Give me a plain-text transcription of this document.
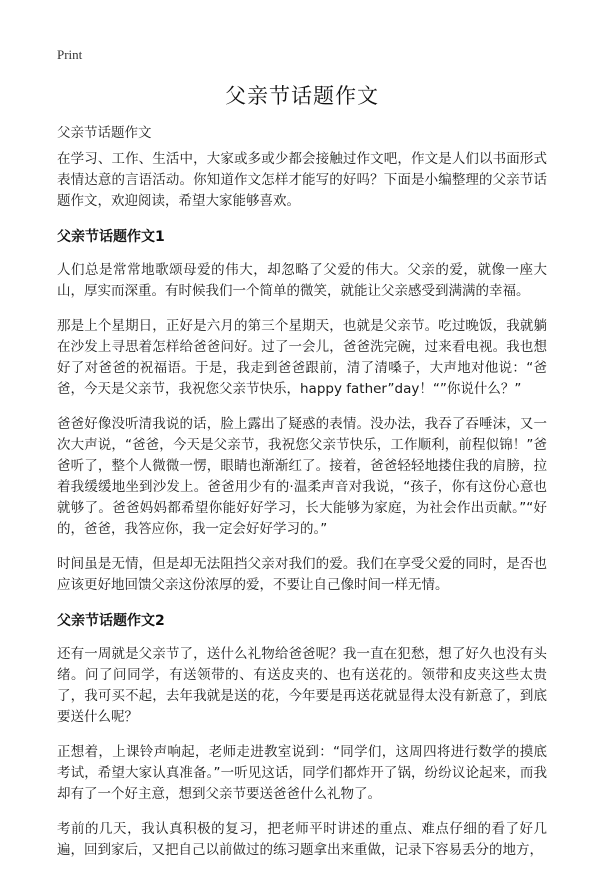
Print
父亲节话题作文
父亲节话题作文

在学习、工作、生活中，大家或多或少都会接触过作文吧，作文是人们以书面形式表情达意的言语活动。你知道作文怎样才能写的好吗？下面是小编整理的父亲节话题作文，欢迎阅读，希望大家能够喜欢。

父亲节话题作文1

人们总是常常地歌颂母爱的伟大，却忽略了父爱的伟大。父亲的爱，就像一座大山，厚实而深重。有时候我们一个简单的微笑，就能让父亲感受到满满的幸福。

那是上个星期日，正好是六月的第三个星期天，也就是父亲节。吃过晚饭，我就躺在沙发上寻思着怎样给爸爸问好。过了一会儿，爸爸洗完碗，过来看电视。我也想好了对爸爸的祝福语。于是，我走到爸爸跟前，清了清嗓子，大声地对他说：“爸爸，今天是父亲节，我祝您父亲节快乐，happy father”day！“”你说什么？”

爸爸好像没听清我说的话，脸上露出了疑惑的表情。没办法，我吞了吞唾沫，又一次大声说，“爸爸，今天是父亲节，我祝您父亲节快乐，工作顺利，前程似锦！”爸爸听了，整个人微微一愣，眼睛也渐渐红了。接着，爸爸轻轻地搂住我的肩膀，拉着我缓缓地坐到沙发上。爸爸用少有的·温柔声音对我说，“孩子，你有这份心意也就够了。爸爸妈妈都希望你能好好学习，长大能够为家庭，为社会作出贡献。”“好的，爸爸，我答应你，我一定会好好学习的。”

时间虽是无情，但是却无法阻挡父亲对我们的爱。我们在享受父爱的同时，是否也应该更好地回馈父亲这份浓厚的爱，不要让自己像时间一样无情。

父亲节话题作文2

还有一周就是父亲节了，送什么礼物给爸爸呢？我一直在犯愁，想了好久也没有头绪。问了问同学，有送领带的、有送皮夹的、也有送花的。领带和皮夹这些太贵了，我可买不起，去年我就是送的花，今年要是再送花就显得太没有新意了，到底要送什么呢？

正想着，上课铃声响起，老师走进教室说到：“同学们，这周四将进行数学的摸底考试，希望大家认真准备。”一听见这话，同学们都炸开了锅，纷纷议论起来，而我却有了一个好主意，想到父亲节要送爸爸什么礼物了。

考前的几天，我认真积极的复习，把老师平时讲述的重点、难点仔细的看了好几遍，回到家后，又把自己以前做过的练习题拿出来重做，记录下容易丢分的地方，
